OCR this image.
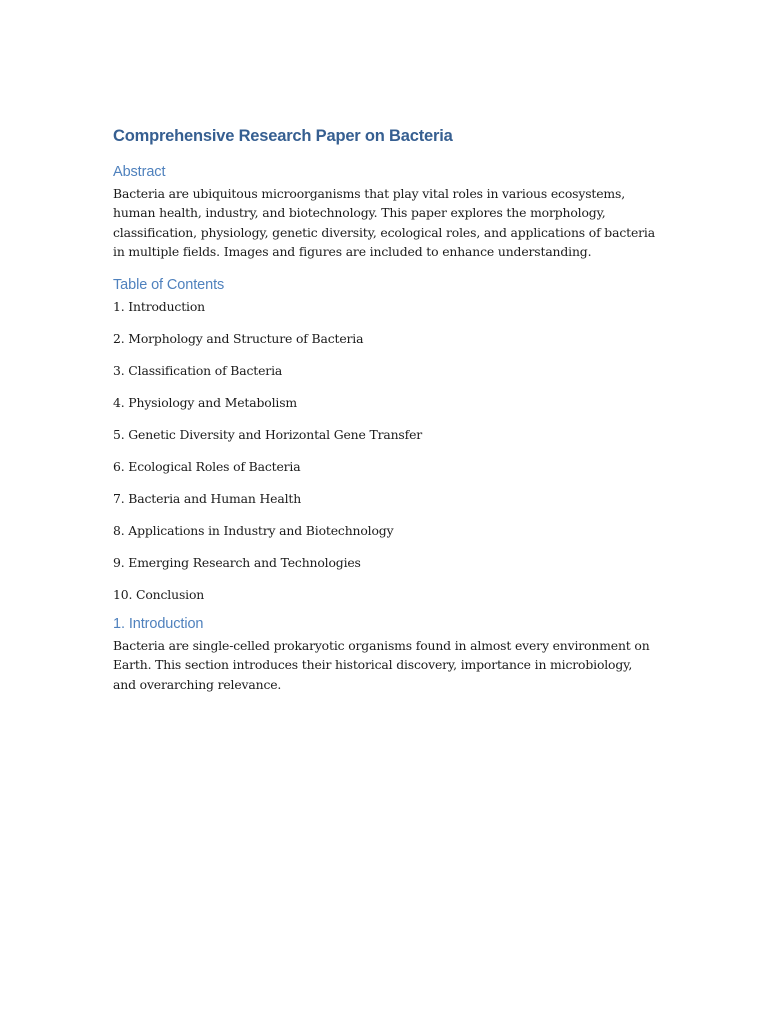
Comprehensive Research Paper on Bacteria
Abstract

Bacteria are ubiquitous microorganisms that play vital roles in various ecosystems, human health, industry, and biotechnology. This paper explores the morphology, classification, physiology, genetic diversity, ecological roles, and applications of bacteria in multiple fields. Images and figures are included to enhance understanding.

Table of Contents
1. Introduction
2. Morphology and Structure of Bacteria
3. Classification of Bacteria
4. Physiology and Metabolism
5. Genetic Diversity and Horizontal Gene Transfer
6. Ecological Roles of Bacteria
7. Bacteria and Human Health
8. Applications in Industry and Biotechnology
9. Emerging Research and Technologies
10. Conclusion
1. Introduction

Bacteria are single-celled prokaryotic organisms found in almost every environment on Earth. This section introduces their historical discovery, importance in microbiology, and overarching relevance.
